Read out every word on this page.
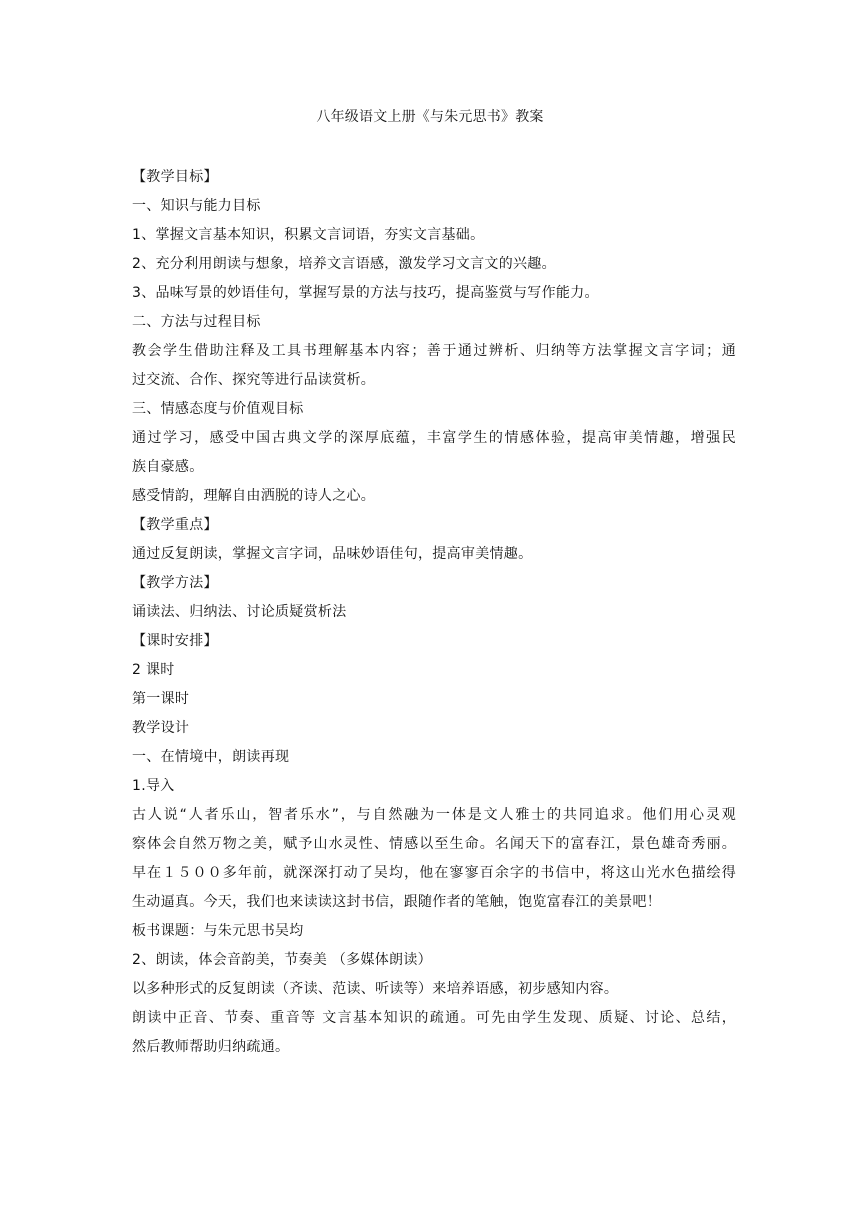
八年级语文上册《与朱元思书》教案
【教学目标】
一、知识与能力目标
1、掌握文言基本知识，积累文言词语，夯实文言基础。
2、充分利用朗读与想象，培养文言语感，激发学习文言文的兴趣。
3、品味写景的妙语佳句，掌握写景的方法与技巧，提高鉴赏与写作能力。
二、方法与过程目标
教会学生借助注释及工具书理解基本内容；善于通过辨析、归纳等方法掌握文言字词；通
过交流、合作、探究等进行品读赏析。
三、情感态度与价值观目标
通过学习，感受中国古典文学的深厚底蕴，丰富学生的情感体验，提高审美情趣，增强民
族自豪感。
感受情韵，理解自由洒脱的诗人之心。
【教学重点】
通过反复朗读，掌握文言字词，品味妙语佳句，提高审美情趣。
【教学方法】
诵读法、归纳法、讨论质疑赏析法
【课时安排】
2 课时
第一课时
教学设计
一、在情境中，朗读再现
1.导入
古人说“人者乐山，智者乐水”，与自然融为一体是文人雅士的共同追求。他们用心灵观
察体会自然万物之美，赋予山水灵性、情感以至生命。名闻天下的富春江，景色雄奇秀丽。
早在１５００多年前，就深深打动了吴均，他在寥寥百余字的书信中，将这山光水色描绘得
生动逼真。今天，我们也来读读这封书信，跟随作者的笔触，饱览富春江的美景吧！
板书课题：与朱元思书吴均
2、朗读，体会音韵美，节奏美 （多媒体朗读）
以多种形式的反复朗读（齐读、范读、听读等）来培养语感，初步感知内容。
朗读中正音、节奏、重音等 文言基本知识的疏通。可先由学生发现、质疑、讨论、总结，
然后教师帮助归纳疏通。
